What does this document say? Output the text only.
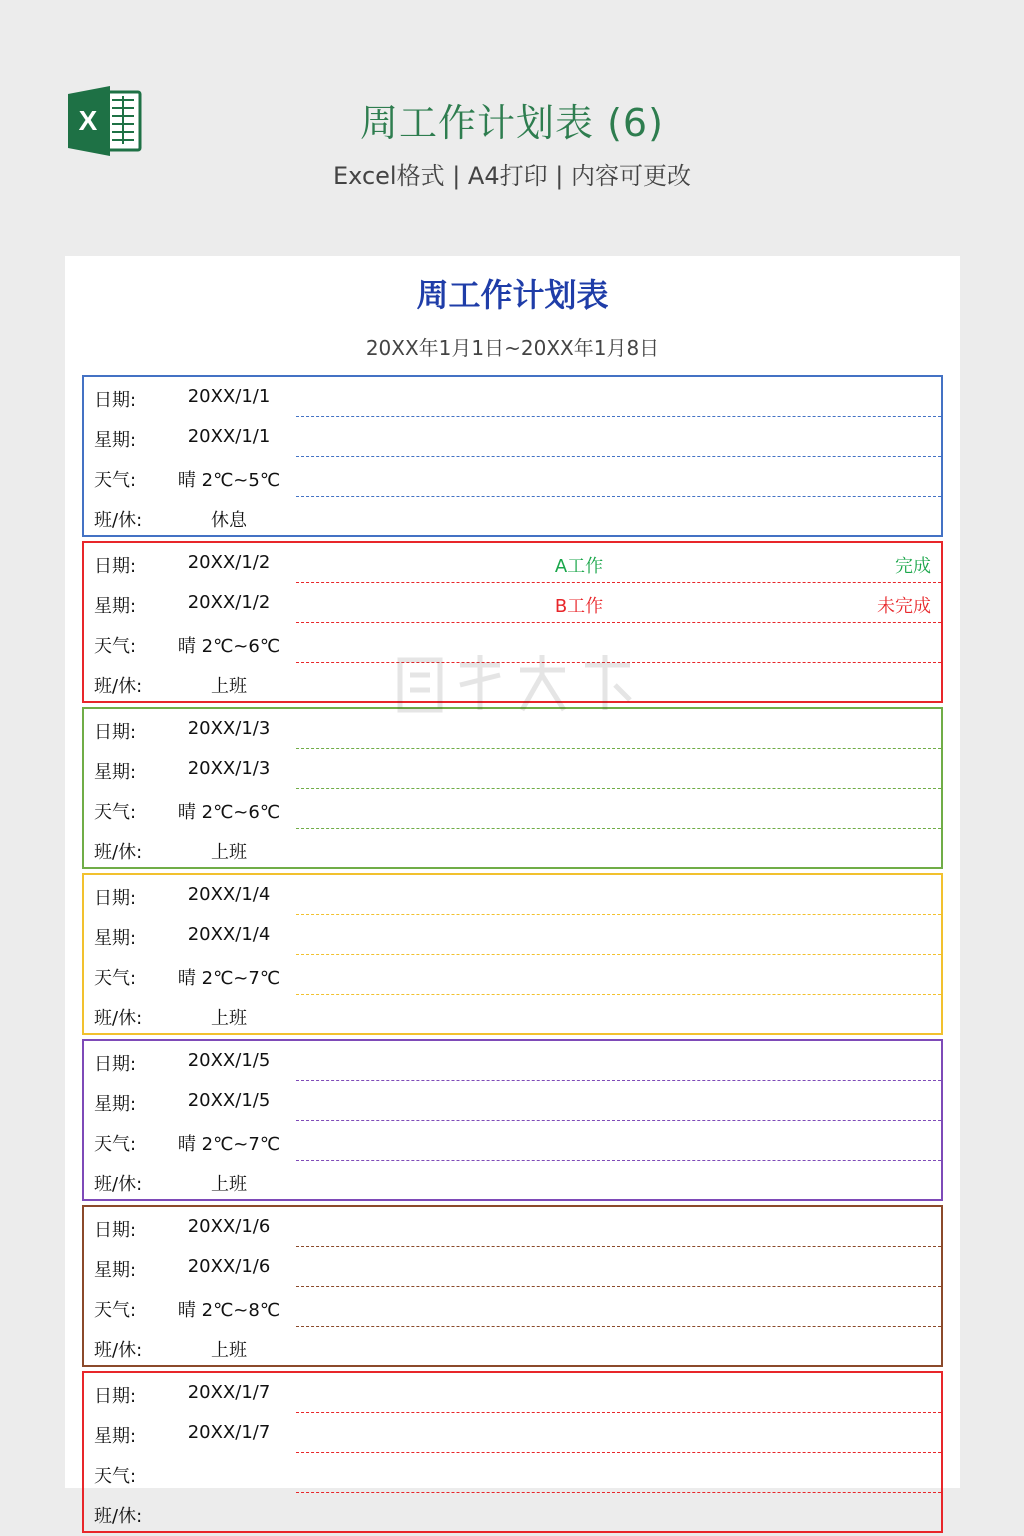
X	周工作计划表 (6)
Excel格式 | A4打印 | 内容可更改
周工作计划表
20XX年1月1日~20XX年1月8日
日期:	20XX/1/1
星期:	20XX/1/1
天气:	晴 2℃~5℃
班/休:	休息
日期:	20XX/1/2	A工作	完成
星期:	20XX/1/2	B工作	未完成
天气:	晴 2℃~6℃
班/休:	上班
日期:	20XX/1/3
星期:	20XX/1/3
天气:	晴 2℃~6℃
班/休:	上班
日期:	20XX/1/4
星期:	20XX/1/4
天气:	晴 2℃~7℃
班/休:	上班
日期:	20XX/1/5
星期:	20XX/1/5
天气:	晴 2℃~7℃
班/休:	上班
日期:	20XX/1/6
星期:	20XX/1/6
天气:	晴 2℃~8℃
班/休:	上班
日期:	20XX/1/7
星期:	20XX/1/7
天气:
班/休:
